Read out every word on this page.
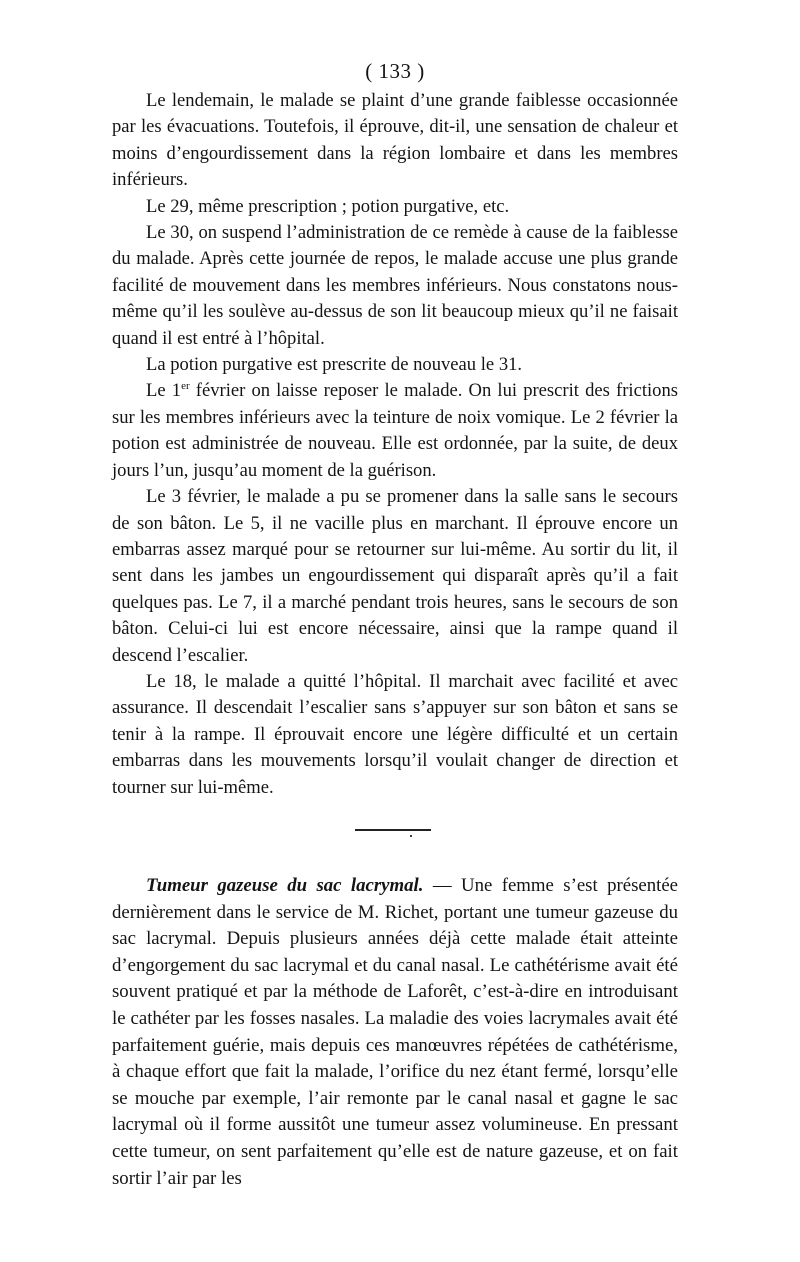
( 133 )

Le lendemain, le malade se plaint d’une grande faiblesse occasionnée par les évacuations. Toutefois, il éprouve, dit-il, une sensation de chaleur et moins d’engourdissement dans la région lombaire et dans les membres inférieurs.

Le 29, même prescription ; potion purgative, etc.

Le 30, on suspend l’administration de ce remède à cause de la faiblesse du malade. Après cette journée de repos, le malade accuse une plus grande facilité de mouvement dans les membres inférieurs. Nous constatons nous-même qu’il les soulève au-dessus de son lit beaucoup mieux qu’il ne faisait quand il est entré à l’hôpital.

La potion purgative est prescrite de nouveau le 31.

Le 1er février on laisse reposer le malade. On lui prescrit des frictions sur les membres inférieurs avec la teinture de noix vomique. Le 2 février la potion est administrée de nouveau. Elle est ordonnée, par la suite, de deux jours l’un, jusqu’au moment de la guérison.

Le 3 février, le malade a pu se promener dans la salle sans le secours de son bâton. Le 5, il ne vacille plus en marchant. Il éprouve encore un embarras assez marqué pour se retourner sur lui-même. Au sortir du lit, il sent dans les jambes un engourdissement qui disparaît après qu’il a fait quelques pas. Le 7, il a marché pendant trois heures, sans le secours de son bâton. Celui-ci lui est encore nécessaire, ainsi que la rampe quand il descend l’escalier.

Le 18, le malade a quitté l’hôpital. Il marchait avec facilité et avec assurance. Il descendait l’escalier sans s’appuyer sur son bâton et sans se tenir à la rampe. Il éprouvait encore une légère difficulté et un certain embarras dans les mouvements lorsqu’il voulait changer de direction et tourner sur lui-même.

Tumeur gazeuse du sac lacrymal. — Une femme s’est présentée dernièrement dans le service de M. Richet, portant une tumeur gazeuse du sac lacrymal. Depuis plusieurs années déjà cette malade était atteinte d’engorgement du sac lacrymal et du canal nasal. Le cathétérisme avait été souvent pratiqué et par la méthode de Laforêt, c’est-à-dire en introduisant le cathéter par les fosses nasales. La maladie des voies lacrymales avait été parfaitement guérie, mais depuis ces manœuvres répétées de cathétérisme, à chaque effort que fait la malade, l’orifice du nez étant fermé, lorsqu’elle se mouche par exemple, l’air remonte par le canal nasal et gagne le sac lacrymal où il forme aussitôt une tumeur assez volumineuse. En pressant cette tumeur, on sent parfaitement qu’elle est de nature gazeuse, et on fait sortir l’air par les
